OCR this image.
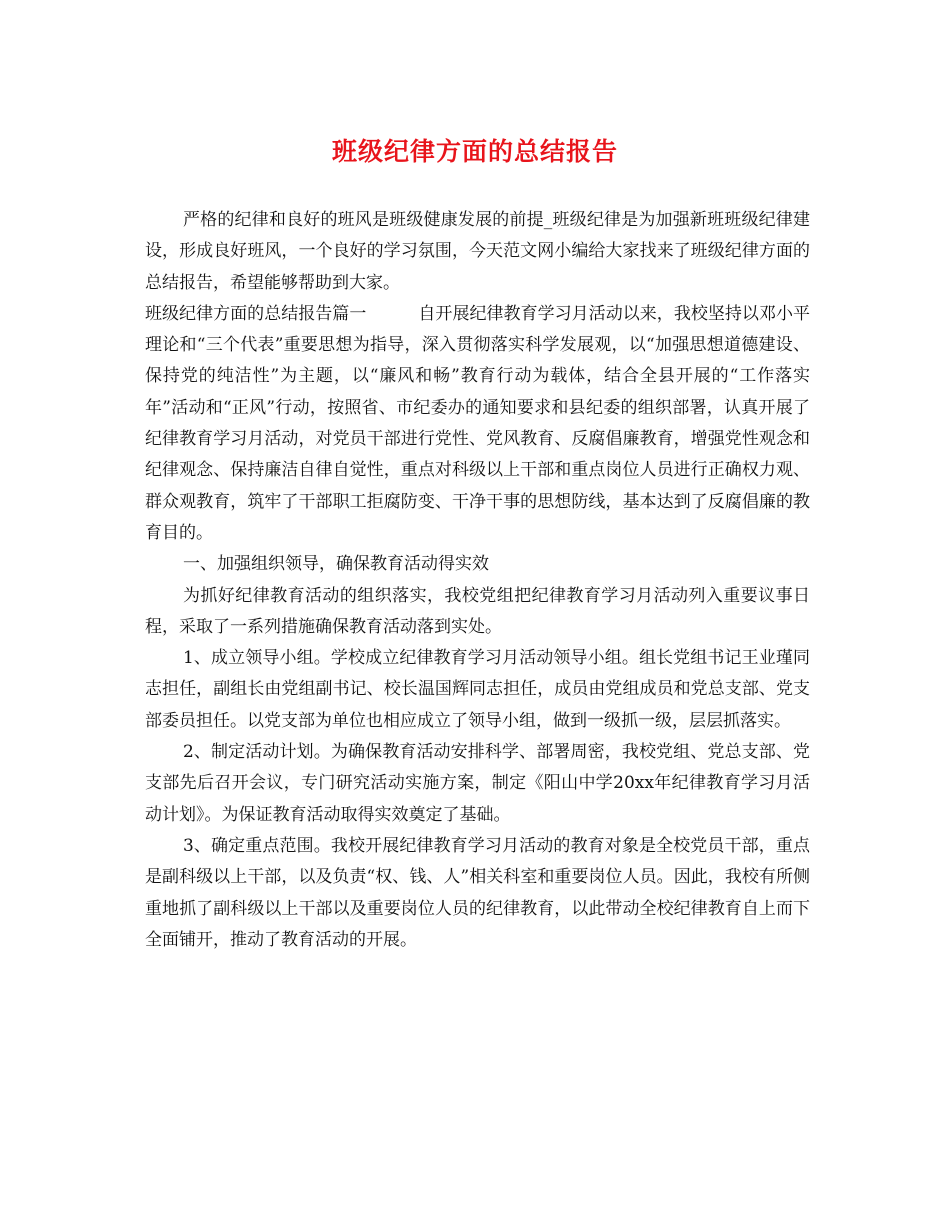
班级纪律方面的总结报告

严格的纪律和良好的班风是班级健康发展的前提_班级纪律是为加强新班班级纪律建设，形成良好班风，一个良好的学习氛围，今天范文网小编给大家找来了班级纪律方面的总结报告，希望能够帮助到大家。

班级纪律方面的总结报告篇一	自开展纪律教育学习月活动以来，我校坚持以邓小平理论和“三个代表”重要思想为指导，深入贯彻落实科学发展观，以“加强思想道德建设、保持党的纯洁性”为主题，以“廉风和畅”教育行动为载体，结合全县开展的“工作落实年”活动和“正风”行动，按照省、市纪委办的通知要求和县纪委的组织部署，认真开展了纪律教育学习月活动，对党员干部进行党性、党风教育、反腐倡廉教育，增强党性观念和纪律观念、保持廉洁自律自觉性，重点对科级以上干部和重点岗位人员进行正确权力观、群众观教育，筑牢了干部职工拒腐防变、干净干事的思想防线，基本达到了反腐倡廉的教育目的。

一、加强组织领导，确保教育活动得实效

为抓好纪律教育活动的组织落实，我校党组把纪律教育学习月活动列入重要议事日程，采取了一系列措施确保教育活动落到实处。

1、成立领导小组。学校成立纪律教育学习月活动领导小组。组长党组书记王业瑾同志担任，副组长由党组副书记、校长温国辉同志担任，成员由党组成员和党总支部、党支部委员担任。以党支部为单位也相应成立了领导小组，做到一级抓一级，层层抓落实。

2、制定活动计划。为确保教育活动安排科学、部署周密，我校党组、党总支部、党支部先后召开会议，专门研究活动实施方案，制定《阳山中学20xx年纪律教育学习月活动计划》。为保证教育活动取得实效奠定了基础。

3、确定重点范围。我校开展纪律教育学习月活动的教育对象是全校党员干部，重点是副科级以上干部，以及负责“权、钱、人”相关科室和重要岗位人员。因此，我校有所侧重地抓了副科级以上干部以及重要岗位人员的纪律教育，以此带动全校纪律教育自上而下全面铺开，推动了教育活动的开展。
